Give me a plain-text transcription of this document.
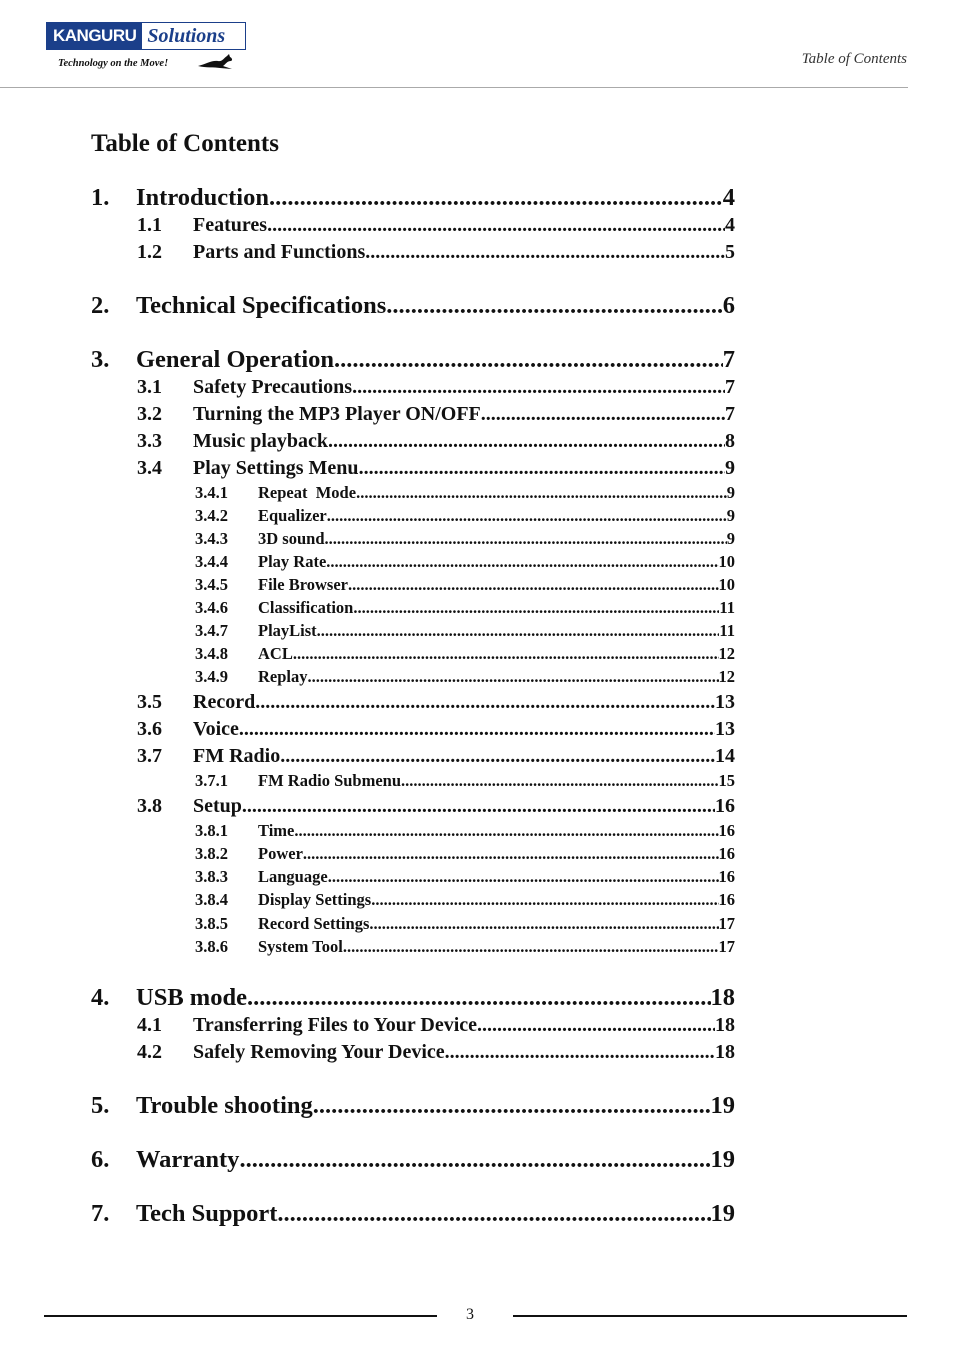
KANGURU Solutions
Technology on the Move!	Table of Contents
Table of Contents
1.	Introduction .....	4
1.1	Features .....	4
1.2	Parts and Functions .....	5
2.	Technical Specifications .....	6
3.	General Operation .....	7
3.1	Safety Precautions .....	7
3.2	Turning the MP3 Player ON/OFF .....	7
3.3	Music playback .....	8
3.4	Play Settings Menu .....	9
3.4.1	Repeat  Mode .....	9
3.4.2	Equalizer .....	9
3.4.3	3D sound .....	9
3.4.4	Play Rate .....	10
3.4.5	File Browser .....	10
3.4.6	Classification .....	11
3.4.7	PlayList .....	11
3.4.8	ACL .....	12
3.4.9	Replay .....	12
3.5	Record .....	13
3.6	Voice .....	13
3.7	FM Radio .....	14
3.7.1	FM Radio Submenu .....	15
3.8	Setup .....	16
3.8.1	Time .....	16
3.8.2	Power .....	16
3.8.3	Language .....	16
3.8.4	Display Settings .....	16
3.8.5	Record Settings .....	17
3.8.6	System Tool .....	17
4.	USB mode .....	18
4.1	Transferring Files to Your Device .....	18
4.2	Safely Removing Your Device .....	18
5.	Trouble shooting .....	19
6.	Warranty .....	19
7.	Tech Support .....	19
3
